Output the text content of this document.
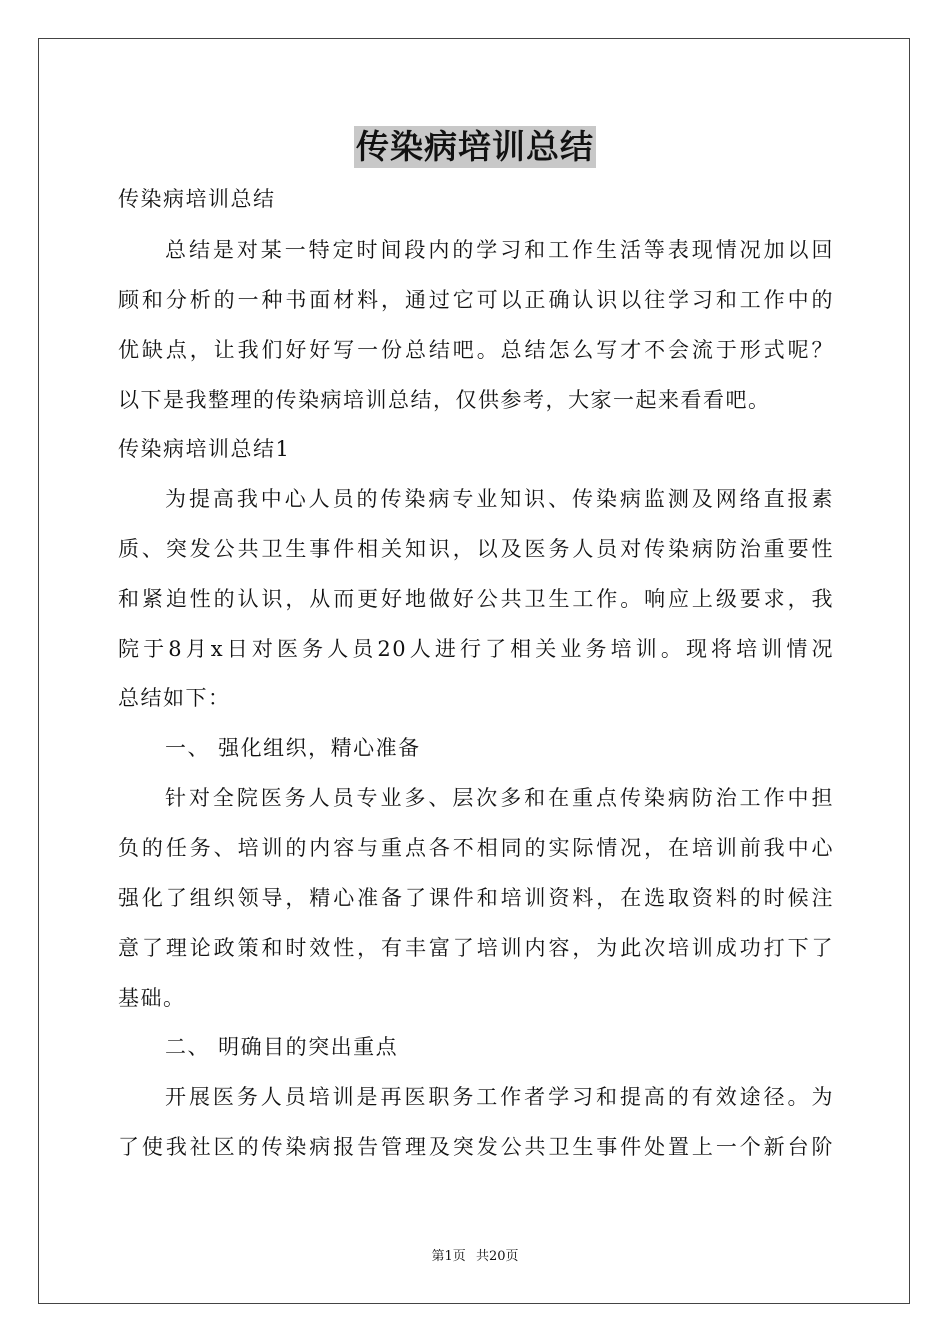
传染病培训总结
传染病培训总结
总结是对某一特定时间段内的学习和工作生活等表现情况加以回
顾和分析的一种书面材料，通过它可以正确认识以往学习和工作中的
优缺点，让我们好好写一份总结吧。总结怎么写才不会流于形式呢？
以下是我整理的传染病培训总结，仅供参考，大家一起来看看吧。
传染病培训总结1
为提高我中心人员的传染病专业知识、传染病监测及网络直报素
质、突发公共卫生事件相关知识，以及医务人员对传染病防治重要性
和紧迫性的认识，从而更好地做好公共卫生工作。响应上级要求，我
院于8月x日对医务人员20人进行了相关业务培训。现将培训情况
总结如下：
一、 强化组织，精心准备
针对全院医务人员专业多、层次多和在重点传染病防治工作中担
负的任务、培训的内容与重点各不相同的实际情况，在培训前我中心
强化了组织领导，精心准备了课件和培训资料，在选取资料的时候注
意了理论政策和时效性，有丰富了培训内容，为此次培训成功打下了
基础。
二、 明确目的突出重点
开展医务人员培训是再医职务工作者学习和提高的有效途径。为
了使我社区的传染病报告管理及突发公共卫生事件处置上一个新台阶
第1页 共20页
